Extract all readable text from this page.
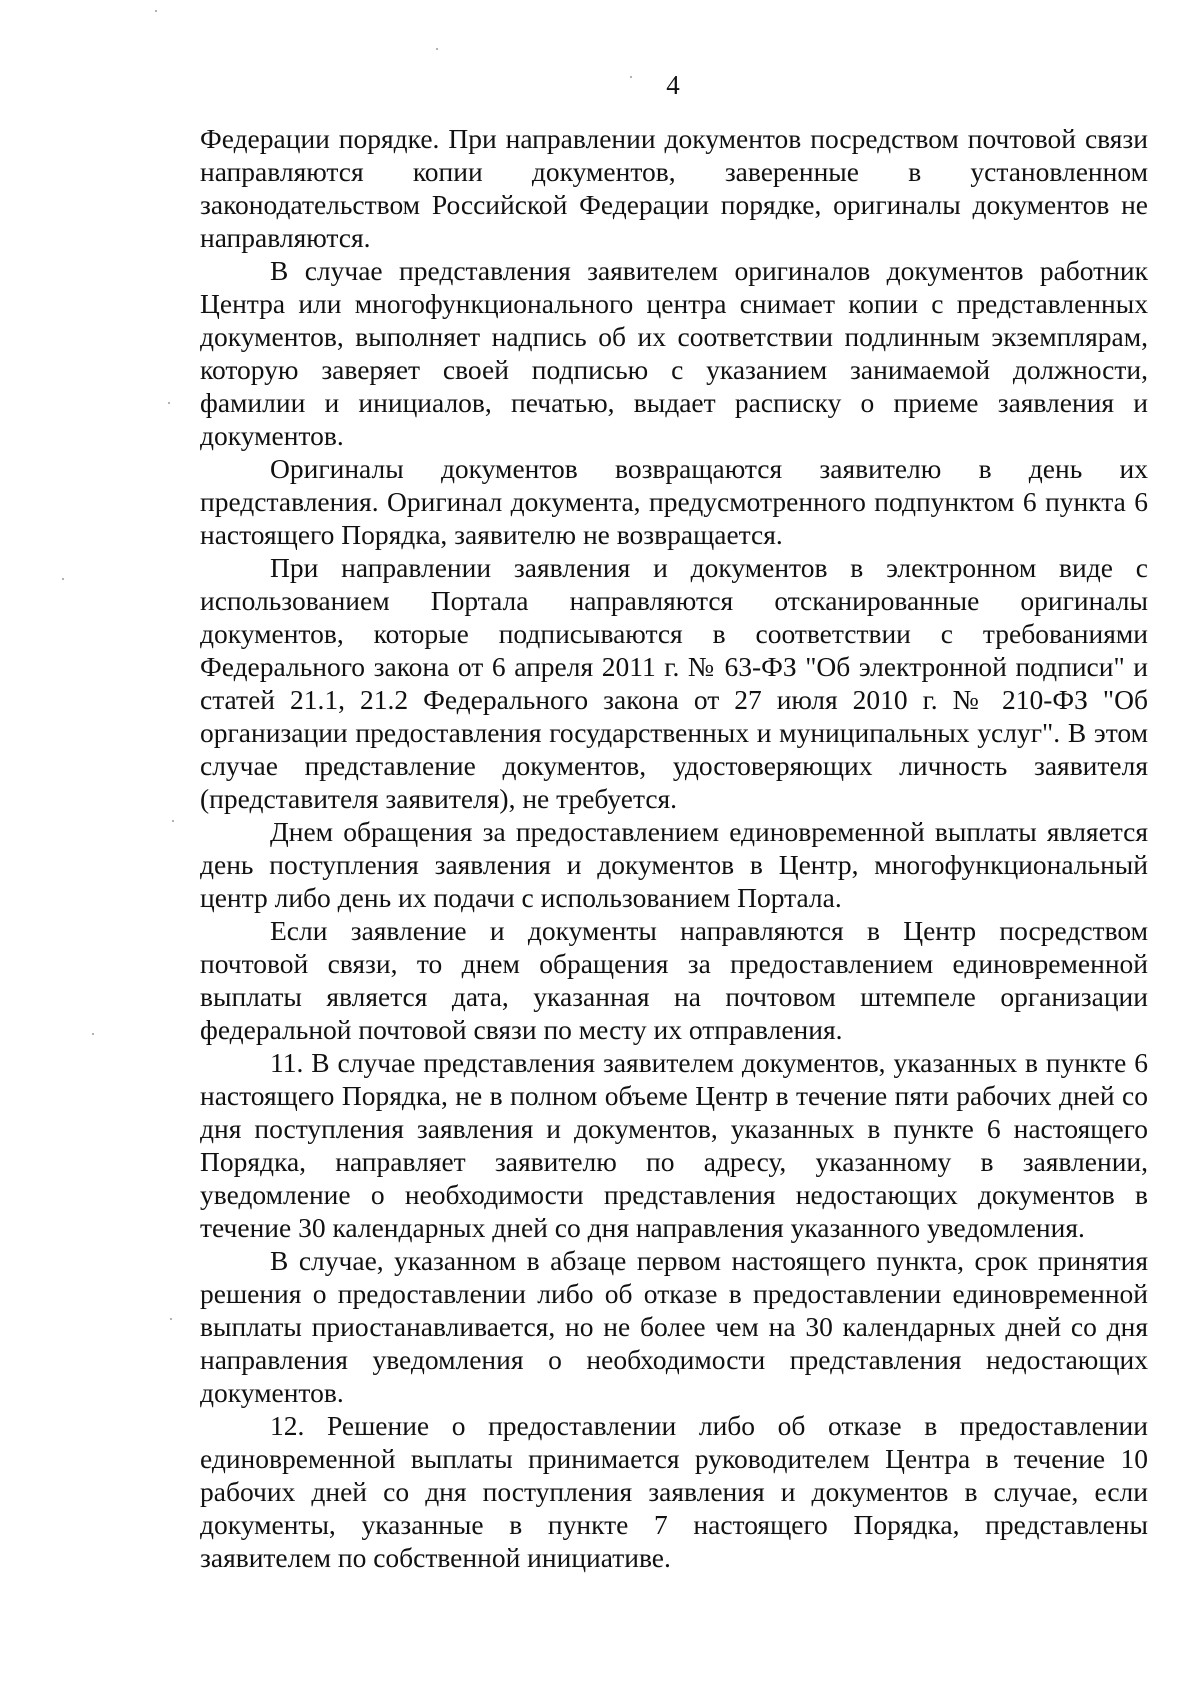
4

Федерации порядке. При направлении документов посредством почтовой связи направляются копии документов, заверенные в установленном законодательством Российской Федерации порядке, оригиналы документов не направляются.

В случае представления заявителем оригиналов документов работник Центра или многофункционального центра снимает копии с представленных документов, выполняет надпись об их соответствии подлинным экземплярам, которую заверяет своей подписью с указанием занимаемой должности, фамилии и инициалов, печатью, выдает расписку о приеме заявления и документов.

Оригиналы документов возвращаются заявителю в день их представления. Оригинал документа, предусмотренного подпунктом 6 пункта 6 настоящего Порядка, заявителю не возвращается.

При направлении заявления и документов в электронном виде с использованием Портала направляются отсканированные оригиналы документов, которые подписываются в соответствии с требованиями Федерального закона от 6 апреля 2011 г. № 63-ФЗ "Об электронной подписи" и статей 21.1, 21.2 Федерального закона от 27 июля 2010 г. № 210-ФЗ "Об организации предоставления государственных и муниципальных услуг". В этом случае представление документов, удостоверяющих личность заявителя (представителя заявителя), не требуется.

Днем обращения за предоставлением единовременной выплаты является день поступления заявления и документов в Центр, многофункциональный центр либо день их подачи с использованием Портала.

Если заявление и документы направляются в Центр посредством почтовой связи, то днем обращения за предоставлением единовременной выплаты является дата, указанная на почтовом штемпеле организации федеральной почтовой связи по месту их отправления.

11. В случае представления заявителем документов, указанных в пункте 6 настоящего Порядка, не в полном объеме Центр в течение пяти рабочих дней со дня поступления заявления и документов, указанных в пункте 6 настоящего Порядка, направляет заявителю по адресу, указанному в заявлении, уведомление о необходимости представления недостающих документов в течение 30 календарных дней со дня направления указанного уведомления.

В случае, указанном в абзаце первом настоящего пункта, срок принятия решения о предоставлении либо об отказе в предоставлении единовременной выплаты приостанавливается, но не более чем на 30 календарных дней со дня направления уведомления о необходимости представления недостающих документов.

12. Решение о предоставлении либо об отказе в предоставлении единовременной выплаты принимается руководителем Центра в течение 10 рабочих дней со дня поступления заявления и документов в случае, если документы, указанные в пункте 7 настоящего Порядка, представлены заявителем по собственной инициативе.
